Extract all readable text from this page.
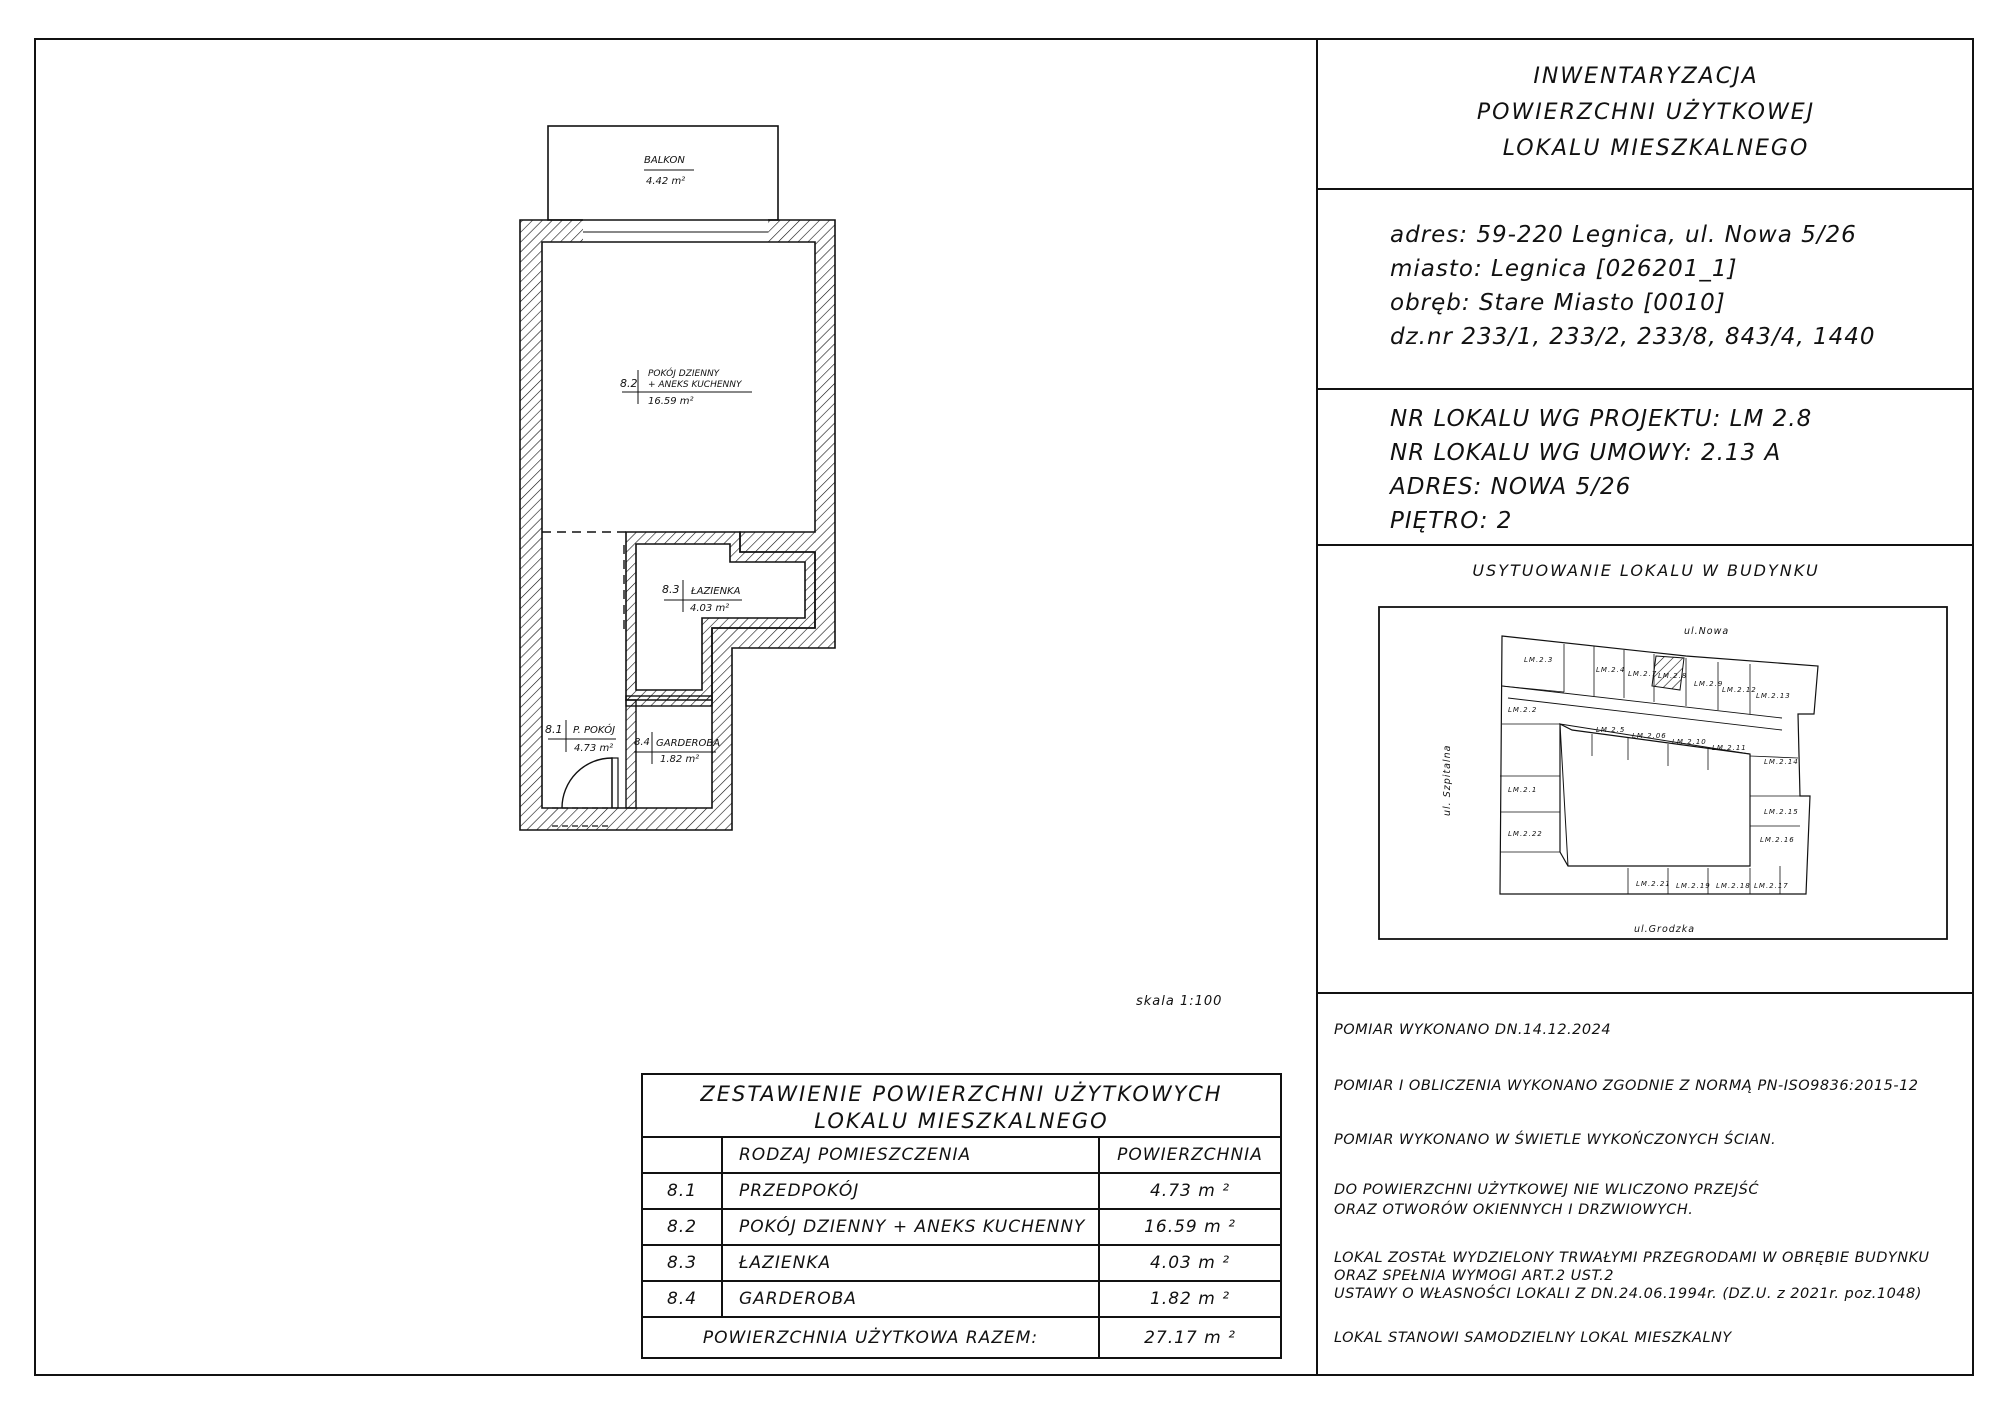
BALKON
4.42 m²
8.2
POKÓJ DZIENNY
+ ANEKS KUCHENNY
16.59 m²
8.3 ŁAZIENKA
4.03 m²
8.1 P. POKÓJ
4.73 m²
8.4 GARDEROBA
1.82 m²
skala 1:100
ZESTAWIENIE POWIERZCHNI UŻYTKOWYCH
LOKALU MIESZKALNEGO
RODZAJ POMIESZCZENIA	POWIERZCHNIA
8.1	PRZEDPOKÓJ	4.73 m ²
8.2	POKÓJ DZIENNY + ANEKS KUCHENNY	16.59 m ²
8.3	ŁAZIENKA	4.03 m ²
8.4	GARDEROBA	1.82 m ²
POWIERZCHNIA UŻYTKOWA RAZEM:	27.17 m ²
INWENTARYZACJA
POWIERZCHNI UŻYTKOWEJ
LOKALU MIESZKALNEGO
adres: 59-220 Legnica, ul. Nowa 5/26
miasto: Legnica [026201_1]
obręb: Stare Miasto [0010]
dz.nr 233/1, 233/2, 233/8, 843/4, 1440
NR LOKALU WG PROJEKTU: LM 2.8
NR LOKALU WG UMOWY: 2.13 A
ADRES: NOWA 5/26
PIĘTRO: 2
USYTUOWANIE LOKALU W BUDYNKU
ul.Nowa
ul. Szpitalna
ul.Grodzka
LM.2.3
LM.2.4 LM.2.7 LM.2.8
LM.2.9
LM.2.12
LM.2.13
LM.2.2
LM.2.5
LM.2.06
LM.2.10
LM.2.11
LM.2.14
LM.2.1
LM.2.15
LM.2.22
LM.2.16
LM.2.21 LM.2.19 LM.2.18 LM.2.17
POMIAR WYKONANO DN.14.12.2024
POMIAR I OBLICZENIA WYKONANO ZGODNIE Z NORMĄ PN-ISO9836:2015-12
POMIAR WYKONANO W ŚWIETLE WYKOŃCZONYCH ŚCIAN.
DO POWIERZCHNI UŻYTKOWEJ NIE WLICZONO PRZEJŚĆ
ORAZ OTWORÓW OKIENNYCH I DRZWIOWYCH.
LOKAL ZOSTAŁ WYDZIELONY TRWAŁYMI PRZEGRODAMI W OBRĘBIE BUDYNKU
ORAZ SPEŁNIA WYMOGI ART.2 UST.2
USTAWY O WŁASNOŚCI LOKALI Z DN.24.06.1994r. (DZ.U. z 2021r. poz.1048)
LOKAL STANOWI SAMODZIELNY LOKAL MIESZKALNY
